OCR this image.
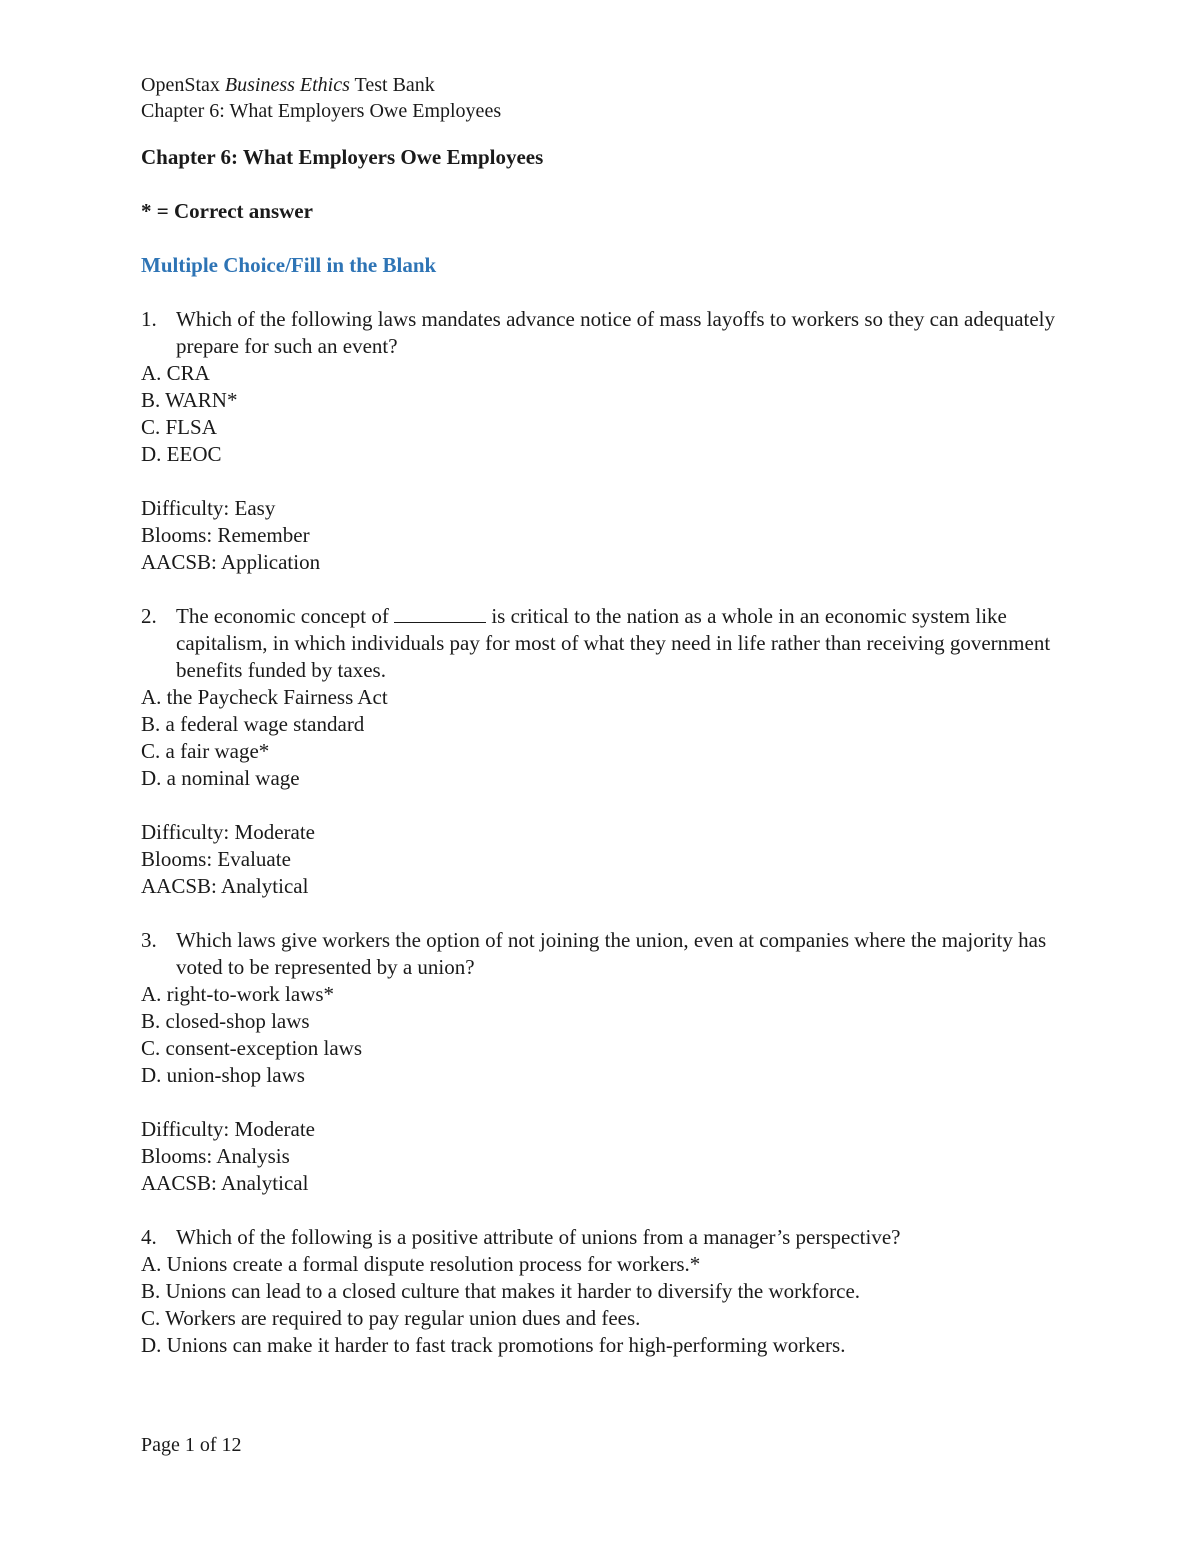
OpenStax Business Ethics Test Bank
Chapter 6: What Employers Owe Employees

Chapter 6: What Employers Owe Employees

* = Correct answer

Multiple Choice/Fill in the Blank

1. Which of the following laws mandates advance notice of mass layoffs to workers so they can adequately prepare for such an event?
A. CRA
B. WARN*
C. FLSA
D. EEOC
Difficulty: Easy
Blooms: Remember
AACSB: Application
2. The economic concept of	is critical to the nation as a whole in an economic system like capitalism, in which individuals pay for most of what they need in life rather than receiving government benefits funded by taxes.
A. the Paycheck Fairness Act
B. a federal wage standard
C. a fair wage*
D. a nominal wage
Difficulty: Moderate
Blooms: Evaluate
AACSB: Analytical
3. Which laws give workers the option of not joining the union, even at companies where the majority has voted to be represented by a union?
A. right-to-work laws*
B. closed-shop laws
C. consent-exception laws
D. union-shop laws
Difficulty: Moderate
Blooms: Analysis
AACSB: Analytical
4. Which of the following is a positive attribute of unions from a manager’s perspective?
A. Unions create a formal dispute resolution process for workers.*
B. Unions can lead to a closed culture that makes it harder to diversify the workforce.
C. Workers are required to pay regular union dues and fees.
D. Unions can make it harder to fast track promotions for high-performing workers.
Page 1 of 12
